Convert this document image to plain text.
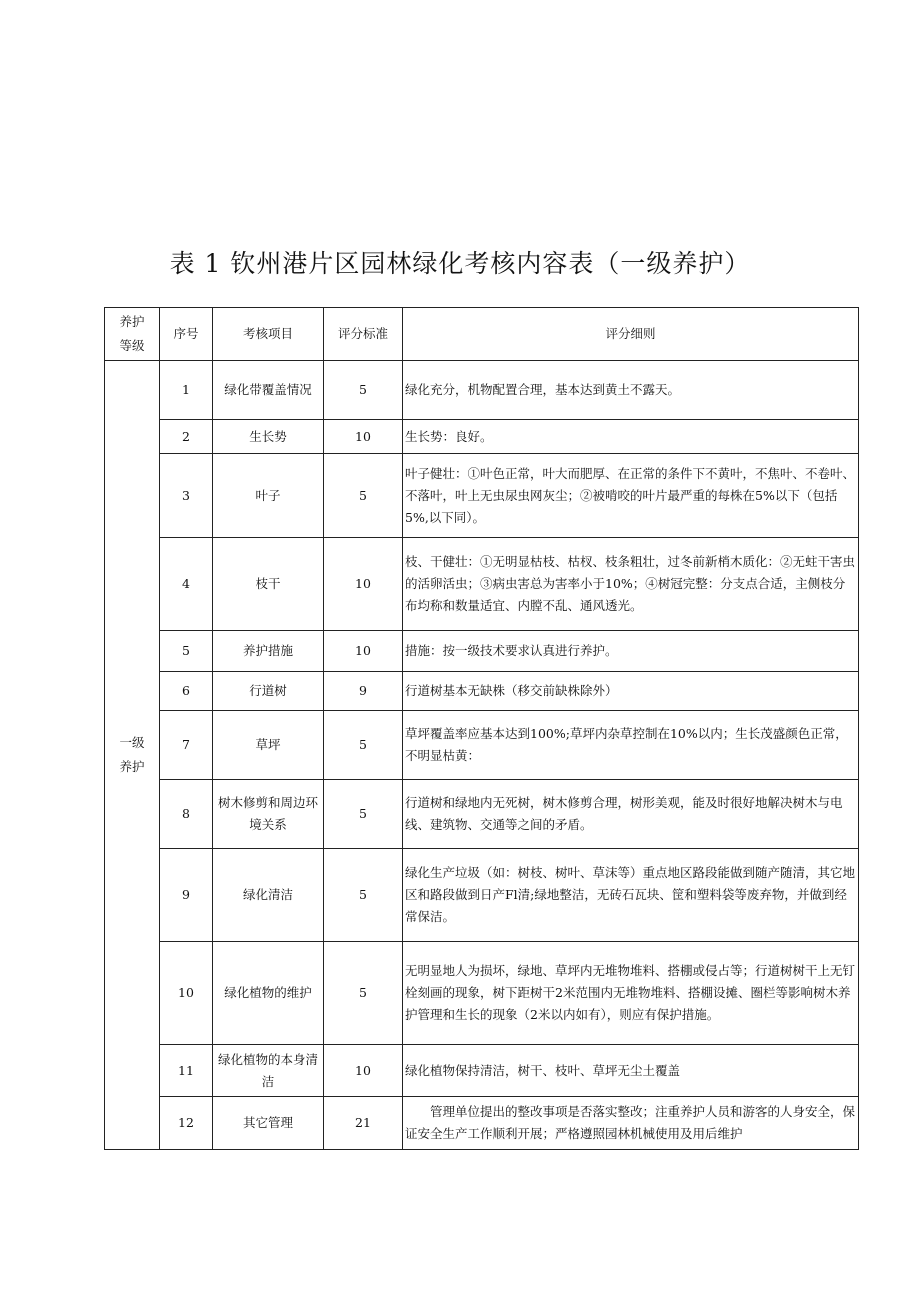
表 1 钦州港片区园林绿化考核内容表（一级养护）
养护等级	序号	考核项目	评分标准	评分细则
一级养护	1	绿化带覆盖情况	5	绿化充分，机物配置合理，基本达到黄土不露天。
	2	生长势	10	生长势：良好。
	3	叶子	5	叶子健壮：①叶色正常，叶大而肥厚、在正常的条件下不黄叶，不焦叶、不卷叶、不落叶，叶上无虫尿虫网灰尘；②被啃咬的叶片最严重的每株在5%以下（包括5%,以下同）。
	4	枝干	10	枝、干健壮：①无明显枯枝、枯杈、枝条粗壮，过冬前新梢木质化：②无蛀干害虫的活卵活虫；③病虫害总为害率小于10%；④树冠完整：分支点合适，主侧枝分布均称和数量适宜、内膛不乱、通风透光。
	5	养护措施	10	措施：按一级技术要求认真进行养护。
	6	行道树	9	行道树基本无缺株（移交前缺株除外）
	7	草坪	5	草坪覆盖率应基本达到100%;草坪内杂草控制在10%以内；生长茂盛颜色正常，不明显枯黄：
	8	树木修剪和周边环境关系	5	行道树和绿地内无死树，树木修剪合理，树形美观，能及时很好地解决树木与电线、建筑物、交通等之间的矛盾。
	9	绿化清洁	5	绿化生产垃圾（如：树枝、树叶、草沫等）重点地区路段能做到随产随清，其它地区和路段做到日产Fl清;绿地整洁，无砖石瓦块、筐和塑料袋等废弃物，并做到经常保洁。
	10	绿化植物的维护	5	无明显地人为损坏，绿地、草坪内无堆物堆料、搭棚或侵占等；行道树树干上无钉栓刻画的现象，树下距树干2米范围内无堆物堆料、搭棚设摊、圈栏等影响树木养护管理和生长的现象（2米以内如有），则应有保护措施。
	11	绿化植物的本身清洁	10	绿化植物保持清洁，树干、枝叶、草坪无尘土覆盖
	12	其它管理	21	管理单位提出的整改事项是否落实整改；注重养护人员和游客的人身安全，保证安全生产工作顺利开展；严格遵照园林机械使用及用后维护
